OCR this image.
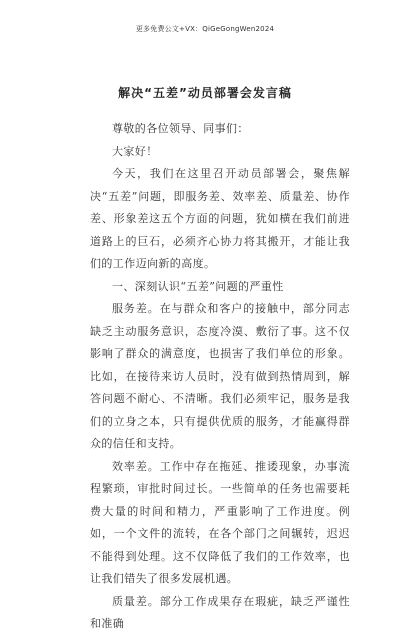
更多免费公文+VX：QiGeGongWen2024
解决“五差”动员部署会发言稿

尊敬的各位领导、同事们：

大家好！

今天，我们在这里召开动员部署会，聚焦解决“五差”问题，即服务差、效率差、质量差、协作差、形象差这五个方面的问题，犹如横在我们前进道路上的巨石，必须齐心协力将其搬开，才能让我们的工作迈向新的高度。

一、深刻认识“五差”问题的严重性

服务差。在与群众和客户的接触中，部分同志缺乏主动服务意识，态度冷漠、敷衍了事。这不仅影响了群众的满意度，也损害了我们单位的形象。比如，在接待来访人员时，没有做到热情周到，解答问题不耐心、不清晰。我们必须牢记，服务是我们的立身之本，只有提供优质的服务，才能赢得群众的信任和支持。

效率差。工作中存在拖延、推诿现象，办事流程繁琐，审批时间过长。一些简单的任务也需要耗费大量的时间和精力，严重影响了工作进度。例如，一个文件的流转，在各个部门之间辗转，迟迟不能得到处理。这不仅降低了我们的工作效率，也让我们错失了很多发展机遇。

质量差。部分工作成果存在瑕疵，缺乏严谨性和准确
